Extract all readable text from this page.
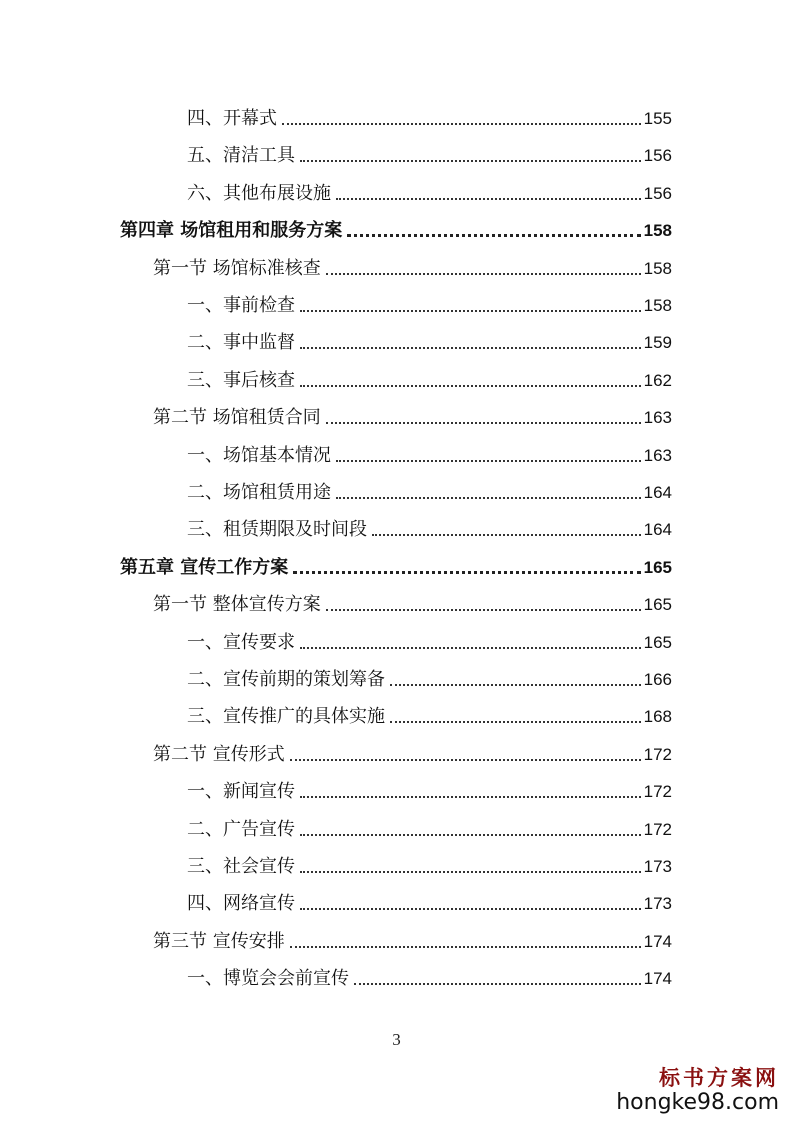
四、开幕式	155
五、清洁工具	156
六、其他布展设施	156
第四章 场馆租用和服务方案	158
第一节 场馆标准核查	158
一、事前检查	158
二、事中监督	159
三、事后核查	162
第二节 场馆租赁合同	163
一、场馆基本情况	163
二、场馆租赁用途	164
三、租赁期限及时间段	164
第五章 宣传工作方案	165
第一节 整体宣传方案	165
一、宣传要求	165
二、宣传前期的策划筹备	166
三、宣传推广的具体实施	168
第二节 宣传形式	172
一、新闻宣传	172
二、广告宣传	172
三、社会宣传	173
四、网络宣传	173
第三节 宣传安排	174
一、博览会会前宣传	174
3
标书方案网
hongke98.com
